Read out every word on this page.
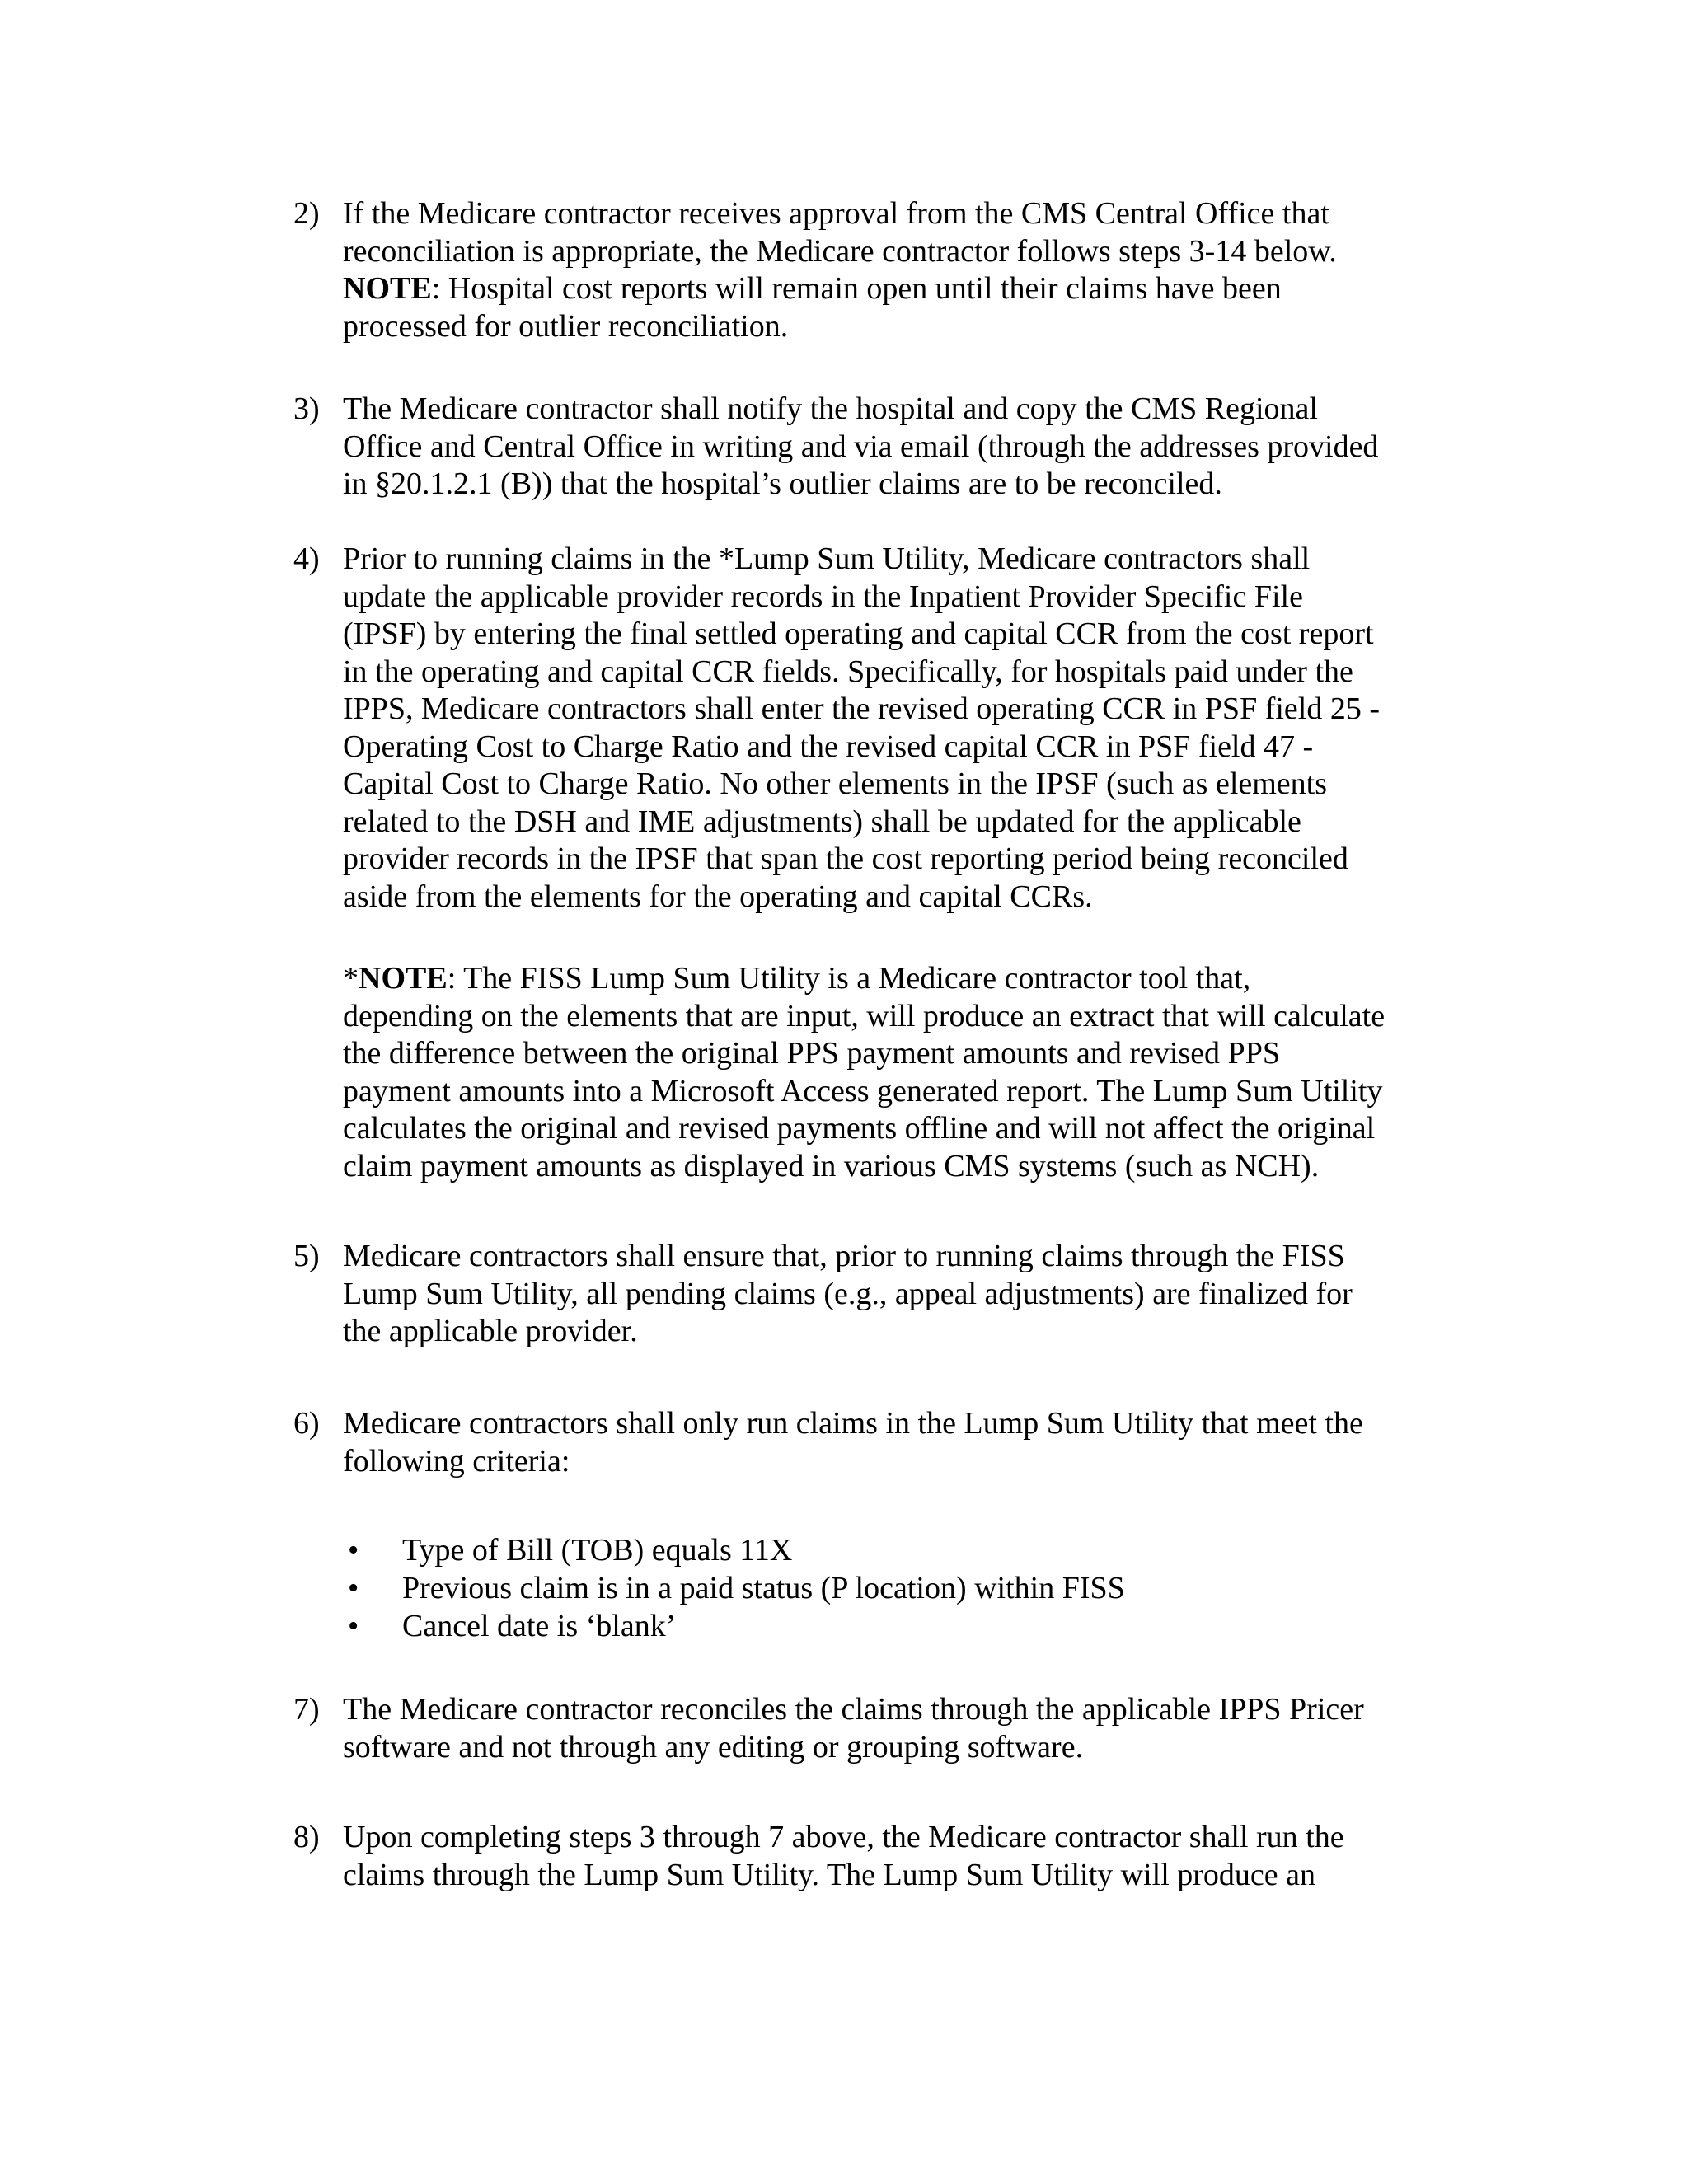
2) If the Medicare contractor receives approval from the CMS Central Office that
reconciliation is appropriate, the Medicare contractor follows steps 3-14 below.
NOTE: Hospital cost reports will remain open until their claims have been
processed for outlier reconciliation.
3) The Medicare contractor shall notify the hospital and copy the CMS Regional
Office and Central Office in writing and via email (through the addresses provided
in §20.1.2.1 (B)) that the hospital’s outlier claims are to be reconciled.
4) Prior to running claims in the *Lump Sum Utility, Medicare contractors shall
update the applicable provider records in the Inpatient Provider Specific File
(IPSF) by entering the final settled operating and capital CCR from the cost report
in the operating and capital CCR fields. Specifically, for hospitals paid under the
IPPS, Medicare contractors shall enter the revised operating CCR in PSF field 25 -
Operating Cost to Charge Ratio and the revised capital CCR in PSF field 47 -
Capital Cost to Charge Ratio. No other elements in the IPSF (such as elements
related to the DSH and IME adjustments) shall be updated for the applicable
provider records in the IPSF that span the cost reporting period being reconciled
aside from the elements for the operating and capital CCRs.
*NOTE: The FISS Lump Sum Utility is a Medicare contractor tool that,
depending on the elements that are input, will produce an extract that will calculate
the difference between the original PPS payment amounts and revised PPS
payment amounts into a Microsoft Access generated report. The Lump Sum Utility
calculates the original and revised payments offline and will not affect the original
claim payment amounts as displayed in various CMS systems (such as NCH).
5) Medicare contractors shall ensure that, prior to running claims through the FISS
Lump Sum Utility, all pending claims (e.g., appeal adjustments) are finalized for
the applicable provider.
6) Medicare contractors shall only run claims in the Lump Sum Utility that meet the
following criteria:
• Type of Bill (TOB) equals 11X
• Previous claim is in a paid status (P location) within FISS
• Cancel date is ‘blank’
7) The Medicare contractor reconciles the claims through the applicable IPPS Pricer
software and not through any editing or grouping software.
8) Upon completing steps 3 through 7 above, the Medicare contractor shall run the
claims through the Lump Sum Utility. The Lump Sum Utility will produce an
